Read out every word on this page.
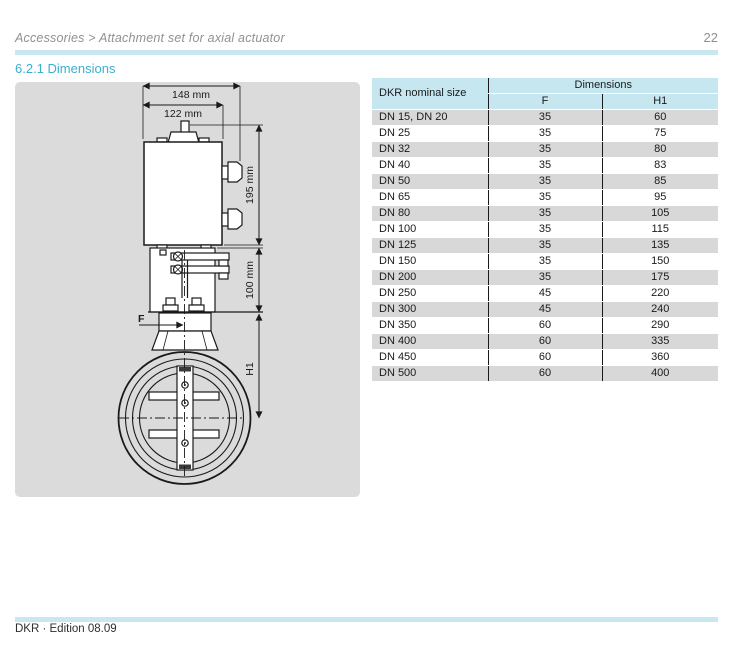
Accessories > Attachment set for axial actuator	22
6.2.1 Dimensions
148 mm
122 mm
195 mm
100 mm
H1
F
DKR nominal size	Dimensions	
	F	H1
DN 15, DN 20	35	60
DN 25	35	75
DN 32	35	80
DN 40	35	83
DN 50	35	85
DN 65	35	95
DN 80	35	105
DN 100	35	115
DN 125	35	135
DN 150	35	150
DN 200	35	175
DN 250	45	220
DN 300	45	240
DN 350	60	290
DN 400	60	335
DN 450	60	360
DN 500	60	400
DKR · Edition 08.09
